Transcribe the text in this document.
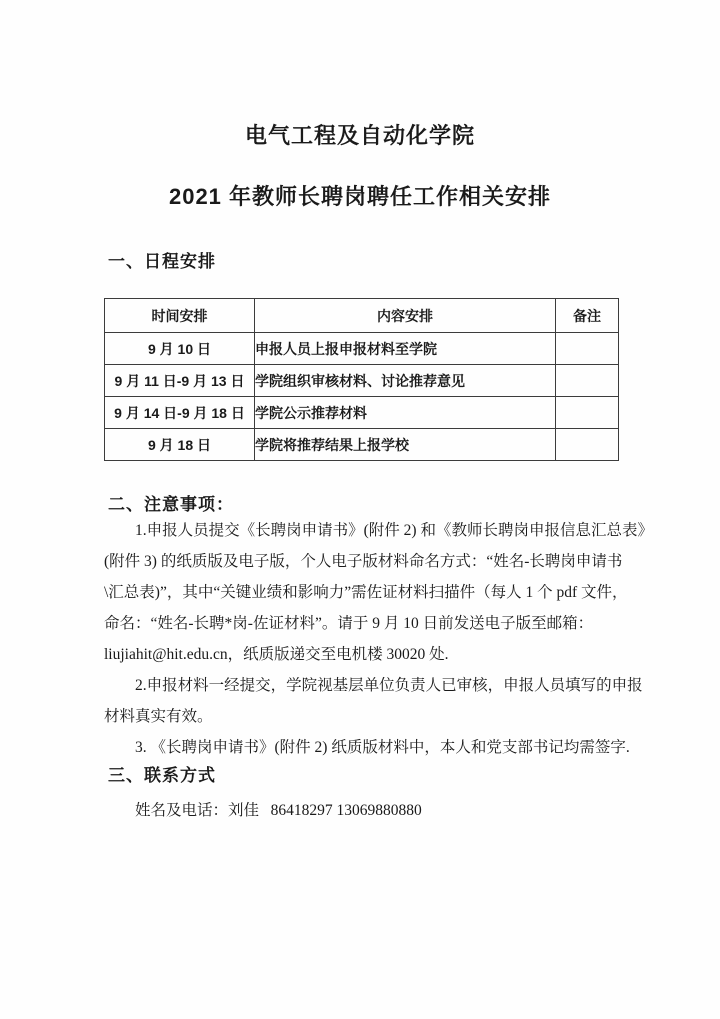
电气工程及自动化学院
2021 年教师长聘岗聘任工作相关安排
一、日程安排
时间安排	内容安排	备注
9 月 10 日	申报人员上报申报材料至学院	
9 月 11 日-9 月 13 日	学院组织审核材料、讨论推荐意见	
9 月 14 日-9 月 18 日	学院公示推荐材料	
9 月 18 日	学院将推荐结果上报学校	
二、注意事项：
1.申报人员提交《长聘岗申请书》(附件 2) 和《教师长聘岗申报信息汇总表》
(附件 3) 的纸质版及电子版，个人电子版材料命名方式：“姓名-长聘岗申请书
\汇总表)”，其中“关键业绩和影响力”需佐证材料扫描件（每人 1 个 pdf 文件，
命名：“姓名-长聘*岗-佐证材料”。请于 9 月 10 日前发送电子版至邮箱：
liujiahit@hit.edu.cn，纸质版递交至电机楼 30020 处.
2.申报材料一经提交，学院视基层单位负责人已审核，申报人员填写的申报
材料真实有效。
3. 《长聘岗申请书》(附件 2) 纸质版材料中，本人和党支部书记均需签字.
三、联系方式
姓名及电话：刘佳   86418297 13069880880
